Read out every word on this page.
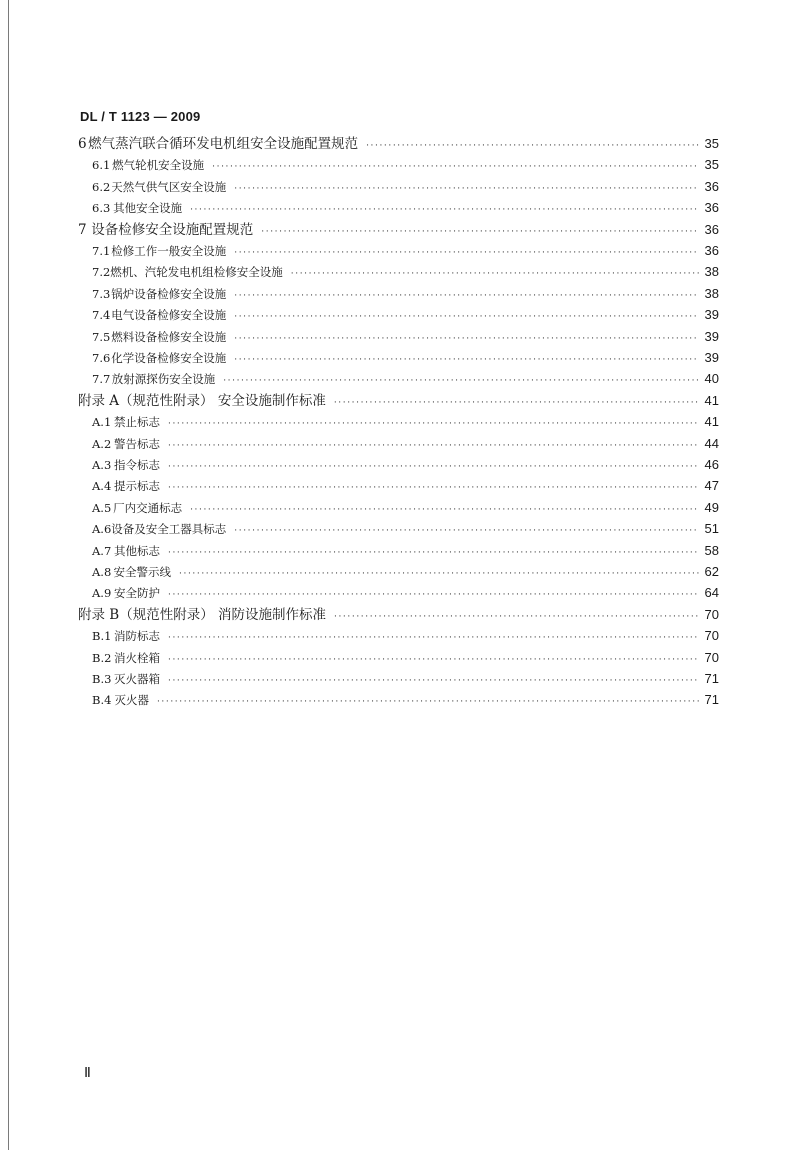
DL / T 1123 — 2009
6 燃气蒸汽联合循环发电机组安全设施配置规范 ·····	35
6.1 燃气轮机安全设施 ·····	35
6.2 天然气供气区安全设施 ·····	36
6.3 其他安全设施 ·····	36
7 设备检修安全设施配置规范 ·····	36
7.1 检修工作一般安全设施 ·····	36
7.2 燃机、汽轮发电机组检修安全设施 ·····	38
7.3 锅炉设备检修安全设施 ·····	38
7.4 电气设备检修安全设施 ·····	39
7.5 燃料设备检修安全设施 ·····	39
7.6 化学设备检修安全设施 ·····	39
7.7 放射源探伤安全设施 ·····	40
附录 A（规范性附录） 安全设施制作标准 ·····	41
A.1 禁止标志 ·····	41
A.2 警告标志 ·····	44
A.3 指令标志 ·····	46
A.4 提示标志 ·····	47
A.5 厂内交通标志 ·····	49
A.6 设备及安全工器具标志 ·····	51
A.7 其他标志 ·····	58
A.8 安全警示线 ·····	62
A.9 安全防护 ·····	64
附录 B（规范性附录） 消防设施制作标准 ·····	70
B.1 消防标志 ·····	70
B.2 消火栓箱 ·····	70
B.3 灭火器箱 ·····	71
B.4 灭火器 ·····	71
Ⅱ
